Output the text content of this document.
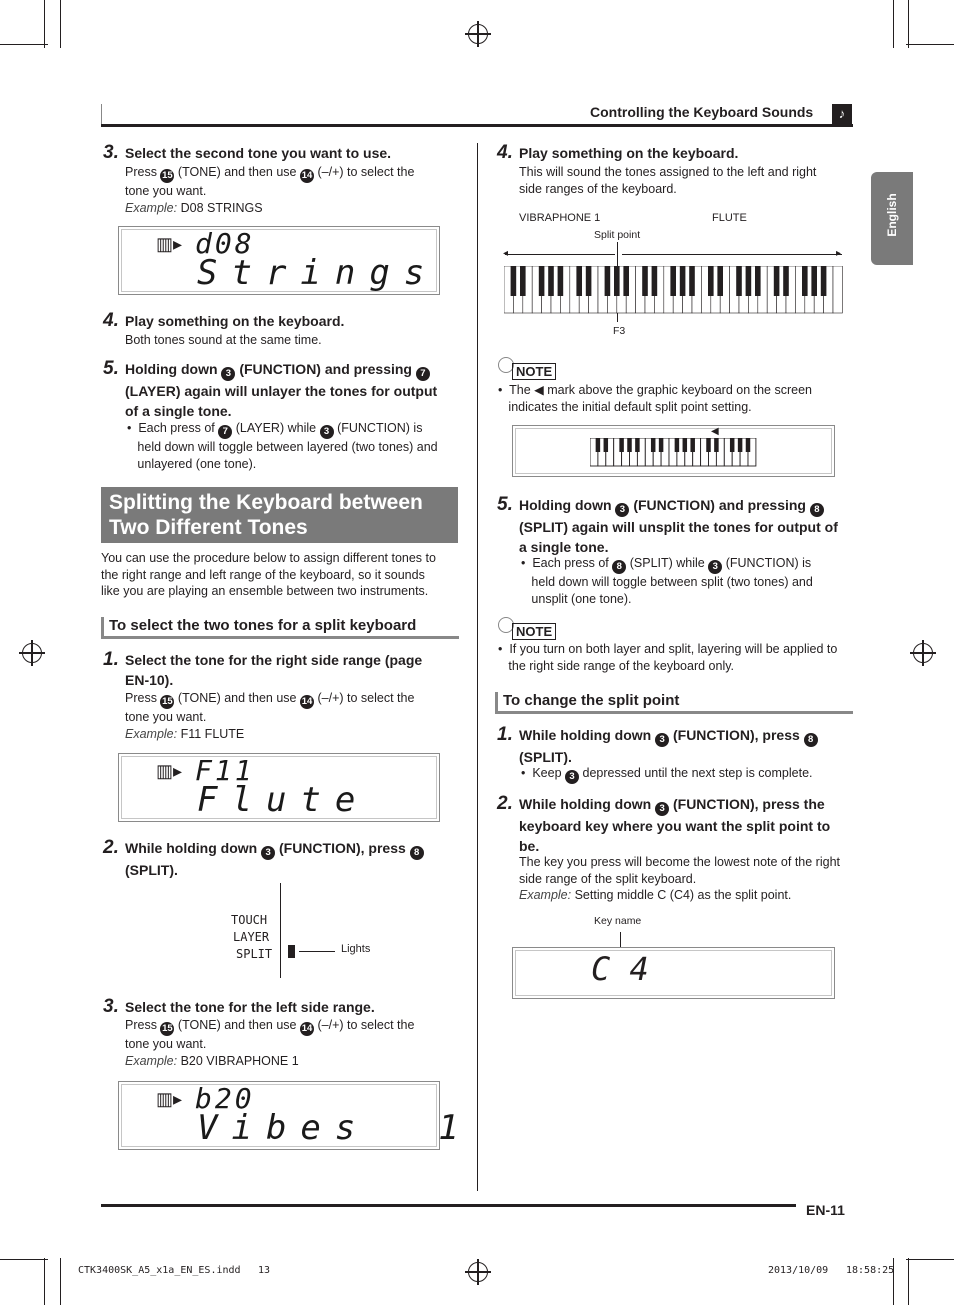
Controlling the Keyboard Sounds	♪
English
3. Select the second tone you want to use.
Press 15 (TONE) and then use 14 (–/+) to select the
tone you want.
Example: D08 STRINGS
▥▸ d08
Strings
4. Play something on the keyboard.
Both tones sound at the same time.
5. Holding down 3 (FUNCTION) and pressing 7
(LAYER) again will unlayer the tones for output
of a single tone.
•  Each press of 7 (LAYER) while 3 (FUNCTION) is
held down will toggle between layered (two tones) and
unlayered (one tone).
Splitting the Keyboard between
Two Different Tones
You can use the procedure below to assign different tones to
the right range and left range of the keyboard, so it sounds
like you are playing an ensemble between two instruments.
To select the two tones for a split keyboard
1. Select the tone for the right side range (page
EN-10).
Press 15 (TONE) and then use 14 (–/+) to select the
tone you want.
Example: F11 FLUTE
▥▸ F11
Flute
2. While holding down 3 (FUNCTION), press 8
(SPLIT).
TOUCH
LAYER
SPLIT	Lights
3. Select the tone for the left side range.
Press 15 (TONE) and then use 14 (–/+) to select the
tone you want.
Example: B20 VIBRAPHONE 1
▥▸ b20
Vibes  1
4. Play something on the keyboard.
This will sound the tones assigned to the left and right
side ranges of the keyboard.
VIBRAPHONE 1	FLUTE
Split point
◂	▸
F3
NOTE
•  The ◀ mark above the graphic keyboard on the screen
indicates the initial default split point setting.
◀
5. Holding down 3 (FUNCTION) and pressing 8
(SPLIT) again will unsplit the tones for output of
a single tone.
•  Each press of 8 (SPLIT) while 3 (FUNCTION) is
held down will toggle between split (two tones) and
unsplit (one tone).
NOTE
•  If you turn on both layer and split, layering will be applied to
the right side range of the keyboard only.
To change the split point
1. While holding down 3 (FUNCTION), press 8
(SPLIT).
•  Keep 3 depressed until the next step is complete.
2. While holding down 3 (FUNCTION), press the
keyboard key where you want the split point to
be.
The key you press will become the lowest note of the right
side range of the split keyboard.
Example: Setting middle C (C4) as the split point.
Key name
C 4
EN-11
CTK3400SK_A5_x1a_EN_ES.indd 13	2013/10/09 18:58:25
